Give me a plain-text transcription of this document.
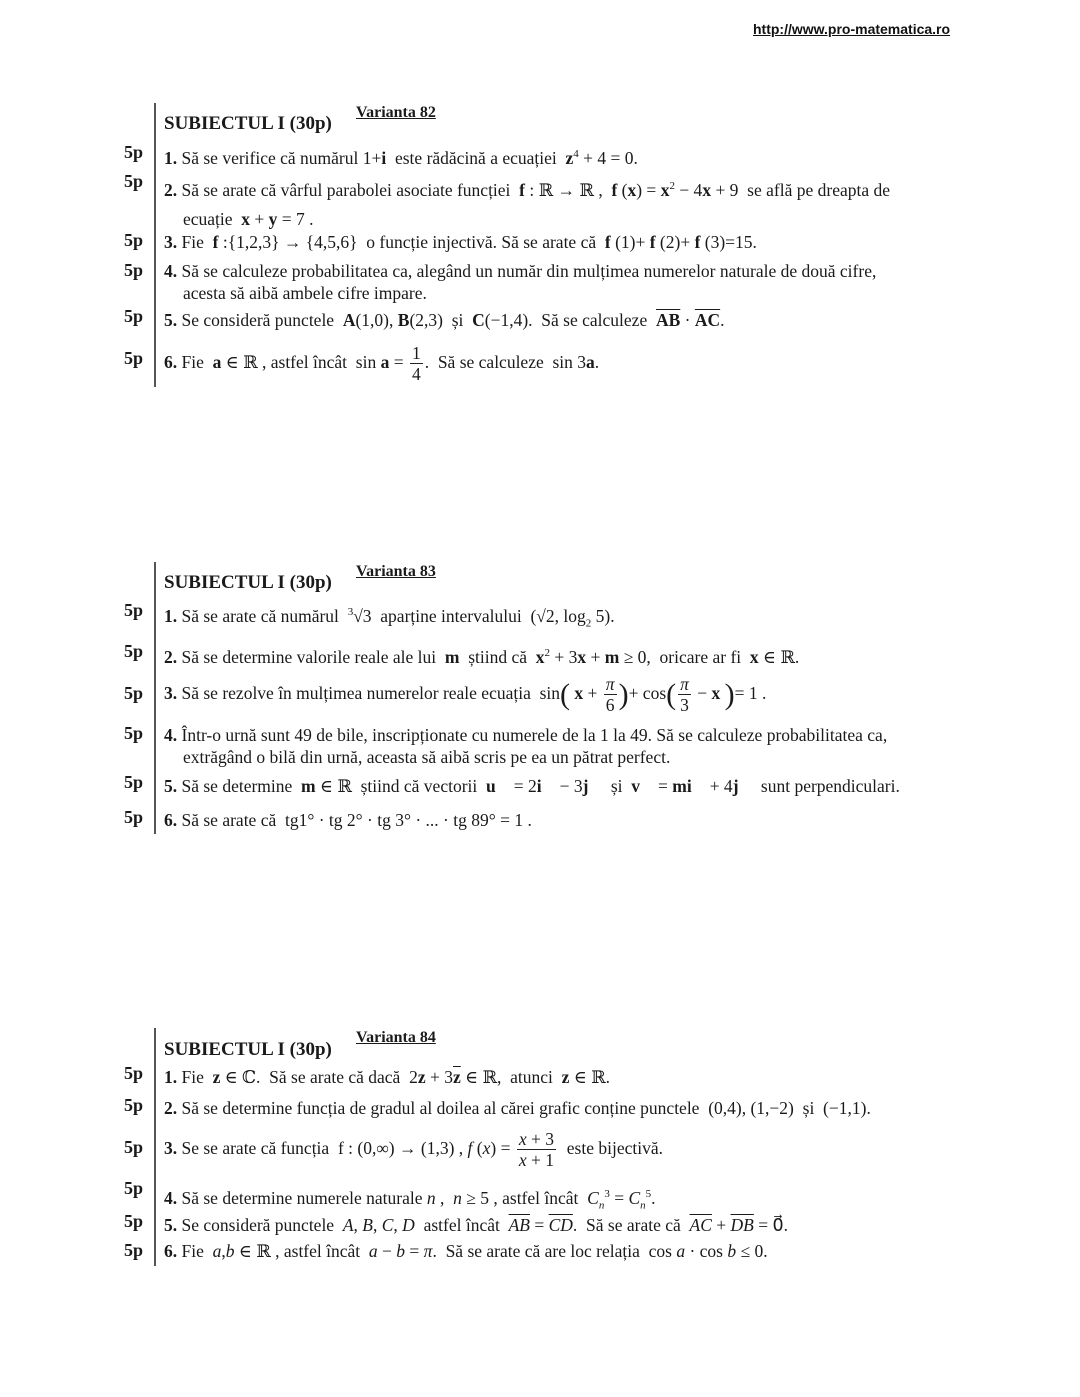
http://www.pro-matematica.ro
Varianta 82
SUBIECTUL I (30p)
5p 1. Să se verifice că numărul 1+i  este rădăcină a ecuației  $z^4 + 4 = 0$.
5p 2. Să se arate că vârful parabolei asociate funcției  f : ℝ → ℝ ,  f $(x) = x^2 - 4x + 9$  se află pe dreapta de
ecuație  x + y = 7 .
5p 3. Fie  f :{1,2,3} → {4,5,6}  o funcție injectivă. Să se arate că  f (1)+ f (2)+ f (3)=15.
5p 4. Să se calculeze probabilitatea ca, alegând un număr din mulțimea numerelor naturale de două cifre,
acesta să aibă ambele cifre impare.
5p 5. Se consideră punctele  A(1,0), B(2,3)  și  C(−1,4).  Să se calculeze  $\overline{AB} \cdot \overline{AC}$.
5p 6. Fie  a ∈ ℝ , astfel încât  $\sin a = \frac{1}{4}$ .  Să se calculeze  sin 3a.
Varianta 83
SUBIECTUL I (30p)
5p 1. Să se arate că numărul  $^3$√3  aparține intervalului  (√2, $\log_2 5$).
5p 2. Să se determine valorile reale ale lui  m  știind că  $x^2 + 3x + m \ge 0$,  oricare ar fi  x ∈ ℝ.
5p 3. Să se rezolve în mulțimea numerelor reale ecuația  sin( $x + \frac{\pi}{6}$ )+ $\cos( \frac{\pi}{3} - x$ )= 1 .
5p 4. Într-o urnă sunt 49 de bile, inscripționate cu numerele de la 1 la 49. Să se calculeze probabilitatea ca,
extrăgând o bilă din urnă, aceasta să aibă scris pe ea un pătrat perfect.
5p 5. Să se determine  m ∈ ℝ  știind că vectorii  u⃗ = 2i⃗ − 3j⃗  și  v⃗ = mi⃗ + 4j⃗  sunt perpendiculari.
5p 6. Să se arate că  tg1° · tg 2° · tg 3° · ... · tg 89° = 1 .
Varianta 84
SUBIECTUL I (30p)
5p 1. Fie  z ∈ ℂ.  Să se arate că dacă  $2z + 3\overline{z}$ ∈ ℝ,  atunci  z ∈ ℝ.
5p 2. Să se determine funcția de gradul al doilea al cărei grafic conține punctele  (0,4), (1,−2)  și  (−1,1).
5p 3. Se se arate că funcția  f : (0,∞) → (1,3) , f $(x) = \frac{x + 3}{x + 1}$ este bijectivă.
5p 4. Să se determine numerele naturale n ,  n ≥ 5 , astfel încât  $C_n^3 = C_n^5$.
5p 5. Se consideră punctele  A, B, C, D  astfel încât  $\overline{AB} = \overline{CD}$.  Să se arate că  $\overline{AC} + \overline{DB}$ = 0⃗.
5p 6. Fie  a,b ∈ ℝ , astfel încât  a − b = π.  Să se arate că are loc relația  cos a · cos b ≤ 0.
